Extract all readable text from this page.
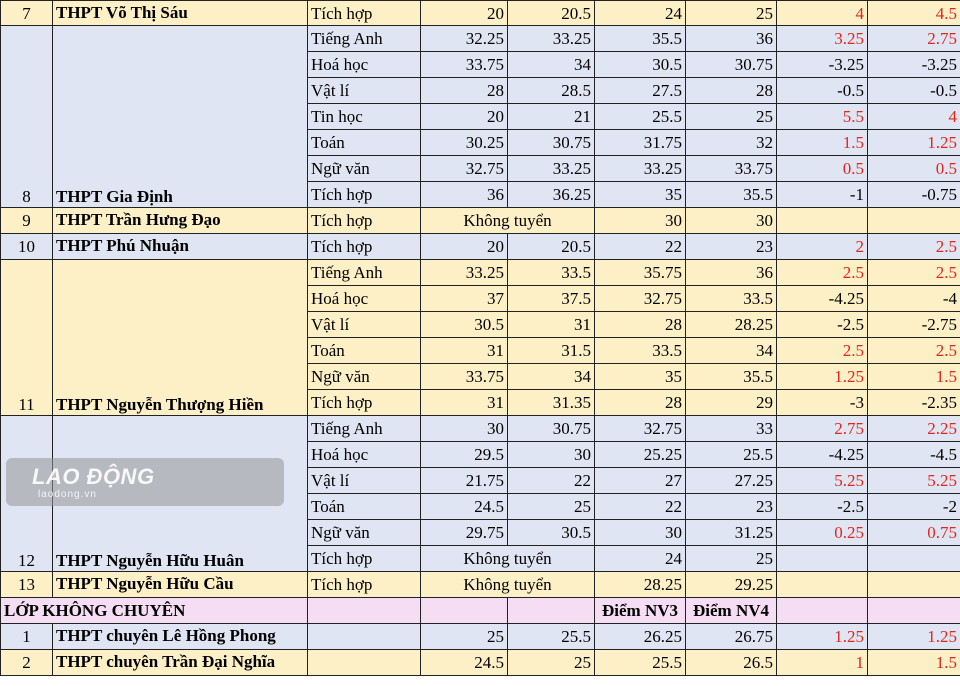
7	THPT Võ Thị Sáu	Tích hợp	20	20.5	24	25	4	4.5
8	THPT Gia Định	Tiếng Anh	32.25	33.25	35.5	36	3.25	2.75
		Hoá học	33.75	34	30.5	30.75	-3.25	-3.25
		Vật lí	28	28.5	27.5	28	-0.5	-0.5
		Tin học	20	21	25.5	25	5.5	4
		Toán	30.25	30.75	31.75	32	1.5	1.25
		Ngữ văn	32.75	33.25	33.25	33.75	0.5	0.5
		Tích hợp	36	36.25	35	35.5	-1	-0.75
9	THPT Trần Hưng Đạo	Tích hợp	Không tuyển		30	30		
10	THPT Phú Nhuận	Tích hợp	20	20.5	22	23	2	2.5
11	THPT Nguyễn Thượng Hiền	Tiếng Anh	33.25	33.5	35.75	36	2.5	2.5
		Hoá học	37	37.5	32.75	33.5	-4.25	-4
		Vật lí	30.5	31	28	28.25	-2.5	-2.75
		Toán	31	31.5	33.5	34	2.5	2.5
		Ngữ văn	33.75	34	35	35.5	1.25	1.5
		Tích hợp	31	31.35	28	29	-3	-2.35
12	THPT Nguyễn Hữu Huân	Tiếng Anh	30	30.75	32.75	33	2.75	2.25
		Hoá học	29.5	30	25.25	25.5	-4.25	-4.5
		Vật lí	21.75	22	27	27.25	5.25	5.25
		Toán	24.5	25	22	23	-2.5	-2
		Ngữ văn	29.75	30.5	30	31.25	0.25	0.75
		Tích hợp	Không tuyển		24	25		
13	THPT Nguyễn Hữu Cầu	Tích hợp	Không tuyển		28.25	29.25		
LỚP KHÔNG CHUYÊN					Điểm NV3	Điểm NV4		
1	THPT chuyên Lê Hồng Phong		25	25.5	26.25	26.75	1.25	1.25
2	THPT chuyên Trần Đại Nghĩa		24.5	25	25.5	26.5	1	1.5
LAO ĐỘNG
laodong.vn
